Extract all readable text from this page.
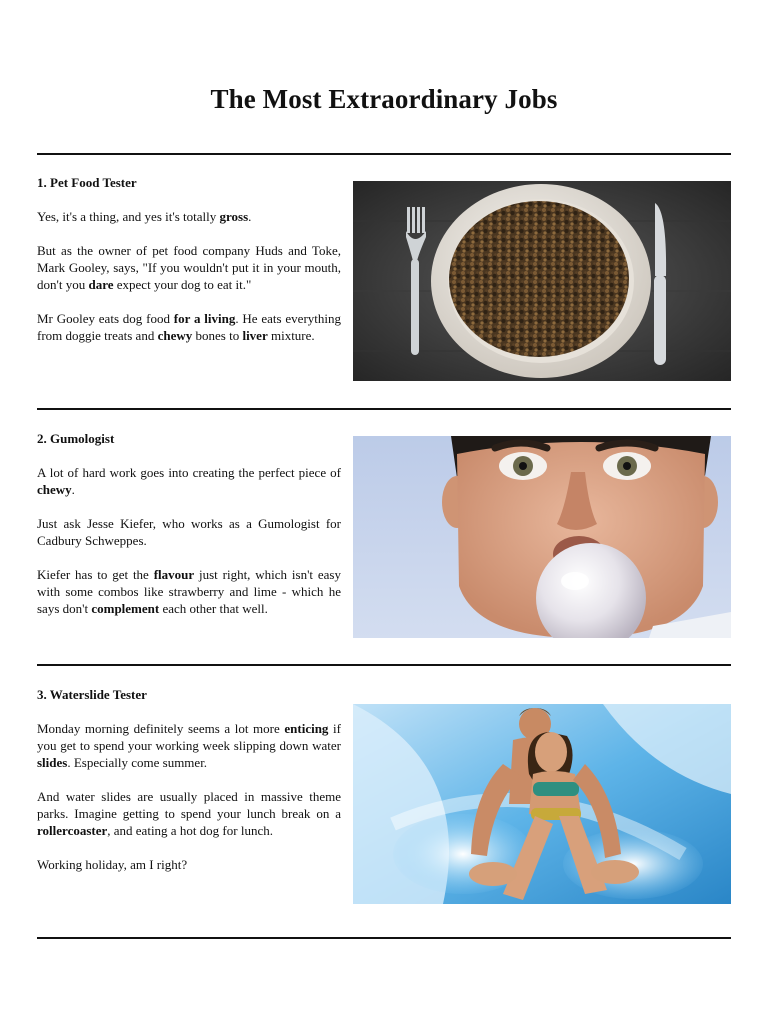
The Most Extraordinary Jobs
1. Pet Food Tester

Yes, it's a thing, and yes it's totally gross.

But as the owner of pet food company Huds and Toke, Mark Gooley, says, "If you wouldn't put it in your mouth, don't you dare expect your dog to eat it."

Mr Gooley eats dog food for a living. He eats everything from doggie treats and chewy bones to liver mixture.

2. Gumologist

A lot of hard work goes into creating the perfect piece of chewy.

Just ask Jesse Kiefer, who works as a Gumologist for Cadbury Schweppes.

Kiefer has to get the flavour just right, which isn't easy with some combos like strawberry and lime - which he says don't complement each other that well.

3. Waterslide Tester

Monday morning definitely seems a lot more enticing if you get to spend your working week slipping down water slides. Especially come summer.

And water slides are usually placed in massive theme parks. Imagine getting to spend your lunch break on a rollercoaster, and eating a hot dog for lunch.

Working holiday, am I right?
